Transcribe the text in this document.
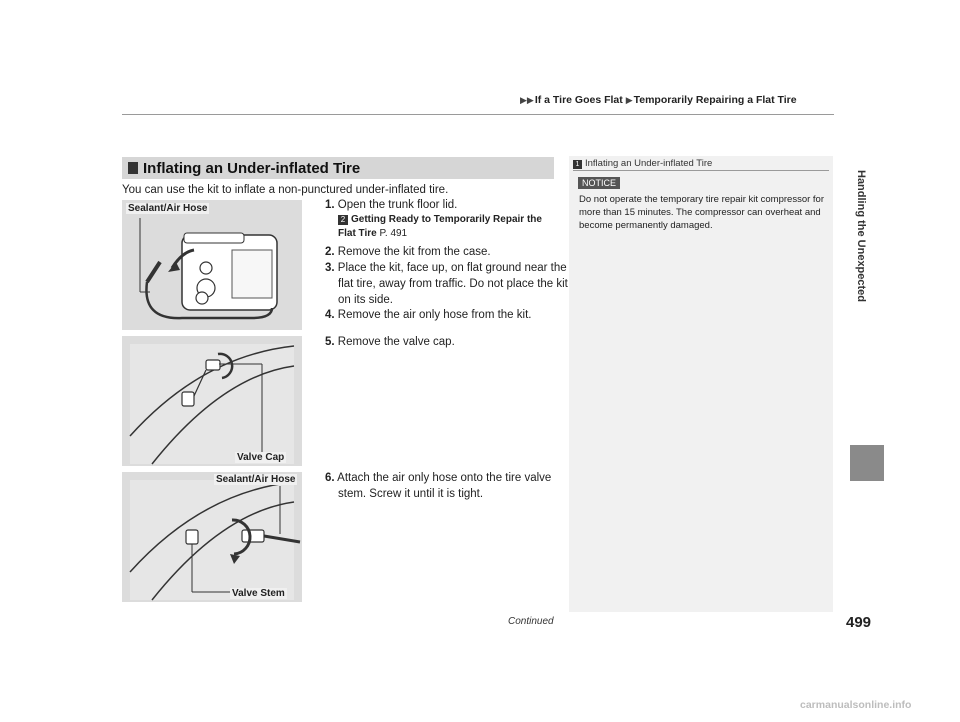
▶▶If a Tire Goes Flat ▶Temporarily Repairing a Flat Tire
Handling the Unexpected
Inflating an Under-inflated Tire
You can use the kit to inflate a non-punctured under-inflated tire.
1. Open the trunk floor lid.
2 Getting Ready to Temporarily Repair the Flat Tire P. 491
2. Remove the kit from the case.
3. Place the kit, face up, on flat ground near the flat tire, away from traffic. Do not place the kit on its side.
4. Remove the air only hose from the kit.
5. Remove the valve cap.
6. Attach the air only hose onto the tire valve stem. Screw it until it is tight.
Sealant/Air Hose
Valve Cap
Sealant/Air Hose
Valve Stem
1 Inflating an Under-inflated Tire
NOTICE
Do not operate the temporary tire repair kit compressor for more than 15 minutes. The compressor can overheat and become permanently damaged.
Continued	499
carmanualsonline.info
